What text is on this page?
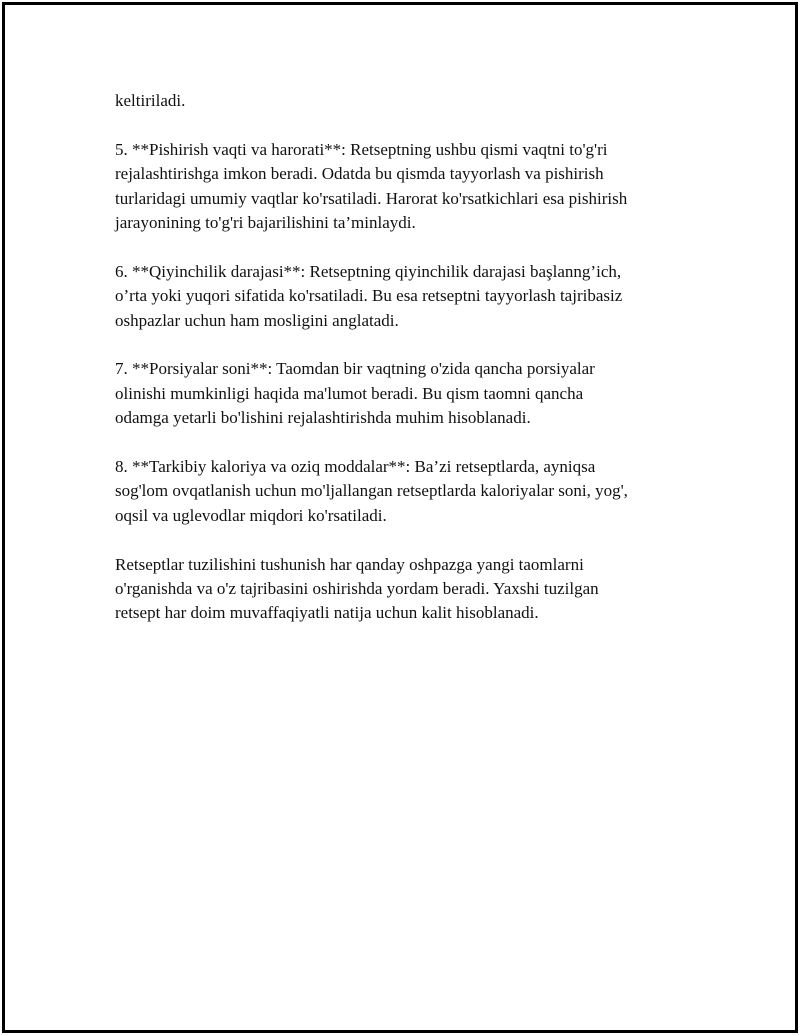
keltiriladi.

5. **Pishirish vaqti va harorati**: Retseptning ushbu qismi vaqtni to'g'ri
rejalashtirishga imkon beradi. Odatda bu qismda tayyorlash va pishirish
turlaridagi umumiy vaqtlar ko'rsatiladi. Harorat ko'rsatkichlari esa pishirish
jarayonining to'g'ri bajarilishini ta’minlaydi.

6. **Qiyinchilik darajasi**: Retseptning qiyinchilik darajasi başlanng’ich,
o’rta yoki yuqori sifatida ko'rsatiladi. Bu esa retseptni tayyorlash tajribasiz
oshpazlar uchun ham mosligini anglatadi.

7. **Porsiyalar soni**: Taomdan bir vaqtning o'zida qancha porsiyalar
olinishi mumkinligi haqida ma'lumot beradi. Bu qism taomni qancha
odamga yetarli bo'lishini rejalashtirishda muhim hisoblanadi.

8. **Tarkibiy kaloriya va oziq moddalar**: Ba’zi retseptlarda, ayniqsa
sog'lom ovqatlanish uchun mo'ljallangan retseptlarda kaloriyalar soni, yog',
oqsil va uglevodlar miqdori ko'rsatiladi.

Retseptlar tuzilishini tushunish har qanday oshpazga yangi taomlarni
o'rganishda va o'z tajribasini oshirishda yordam beradi. Yaxshi tuzilgan
retsept har doim muvaffaqiyatli natija uchun kalit hisoblanadi.
